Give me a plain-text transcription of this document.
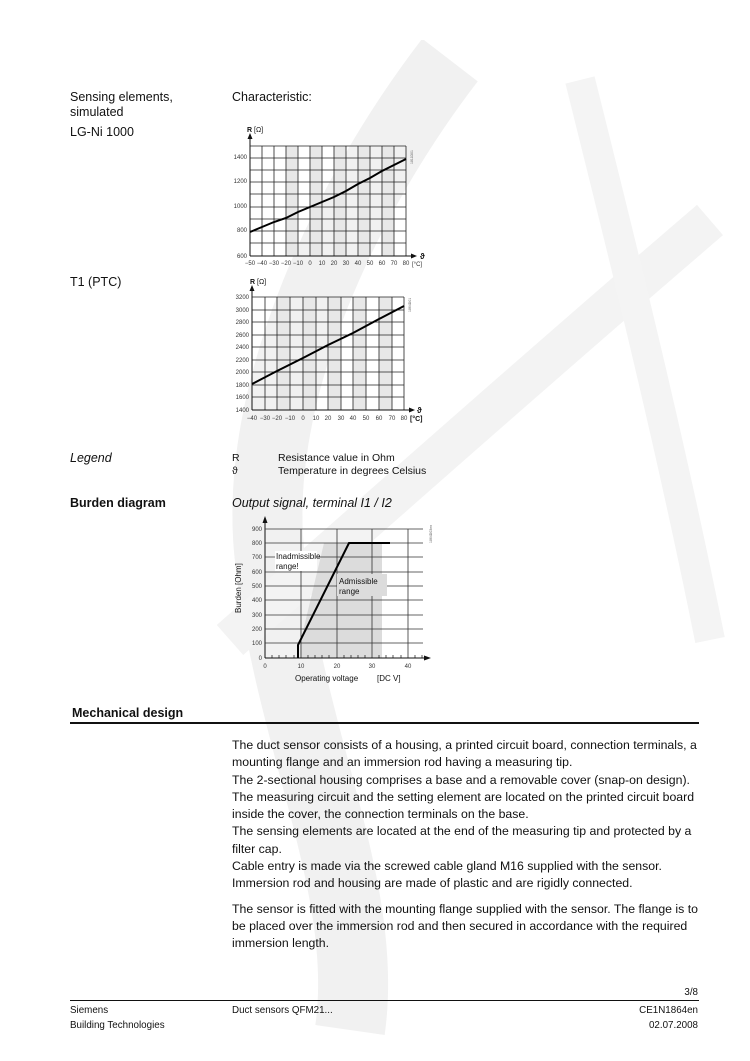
Sensing elements,
simulated
Characteristic:
LG-Ni 1000
T1 (PTC)
R [Ω]
1400
1200
1000
800
600
−50 −40 −30 −20 −10 0 10 20 30 40 50 60 70 80
ϑ
[°C]
1811D01
R [Ω]
3200
3000
2800
2600
2400
2200
2000
1800
1600
1400
−40 −30 −20 −10 0 10 20 30 40 50 60 70 80
ϑ
[°C]
1864D01
Legend	R	Resistance value in Ohm
ϑ	Temperature in degrees Celsius
Burden diagram	Output signal, terminal I1 / I2
900
800
700
600
500
400
300
200
100
0
0	10	20	30	40
Inadmissible
range!
Admissible
range
Burden [Ohm]
Operating voltage [DC V]
1864D03en
Mechanical design
The duct sensor consists of a housing, a printed circuit board, connection terminals, a mounting flange and an immersion rod having a measuring tip.
The 2-sectional housing comprises a base and a removable cover (snap-on design).
The measuring circuit and the setting element are located on the printed circuit board inside the cover, the connection terminals on the base.
The sensing elements are located at the end of the measuring tip and protected by a filter cap.
Cable entry is made via the screwed cable gland M16 supplied with the sensor.
Immersion rod and housing are made of plastic and are rigidly connected.
The sensor is fitted with the mounting flange supplied with the sensor. The flange is to be placed over the immersion rod and then secured in accordance with the required immersion length.
3/8
Siemens
Building Technologies
Duct sensors QFM21...	CE1N1864en
02.07.2008
